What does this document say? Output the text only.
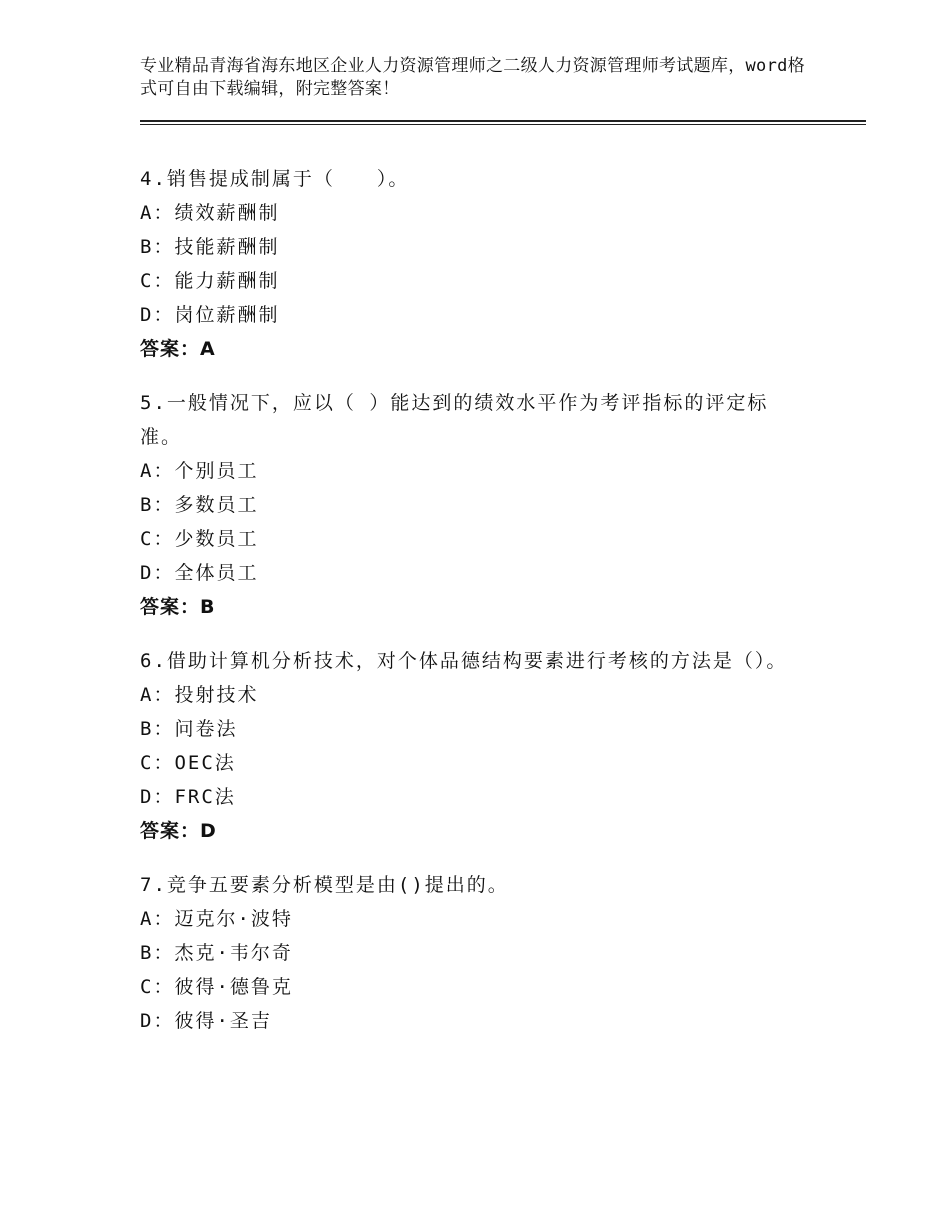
专业精品青海省海东地区企业人力资源管理师之二级人力资源管理师考试题库，word格式可自由下载编辑，附完整答案！
4.销售提成制属于（　　）。
A：绩效薪酬制
B：技能薪酬制
C：能力薪酬制
D：岗位薪酬制
答案：A
5.一般情况下，应以（ ）能达到的绩效水平作为考评指标的评定标准。
A：个别员工
B：多数员工
C：少数员工
D：全体员工
答案：B
6.借助计算机分析技术，对个体品德结构要素进行考核的方法是（）。
A：投射技术
B：问卷法
C：OEC法
D：FRC法
答案：D
7.竞争五要素分析模型是由()提出的。
A：迈克尔·波特
B：杰克·韦尔奇
C：彼得·德鲁克
D：彼得·圣吉
